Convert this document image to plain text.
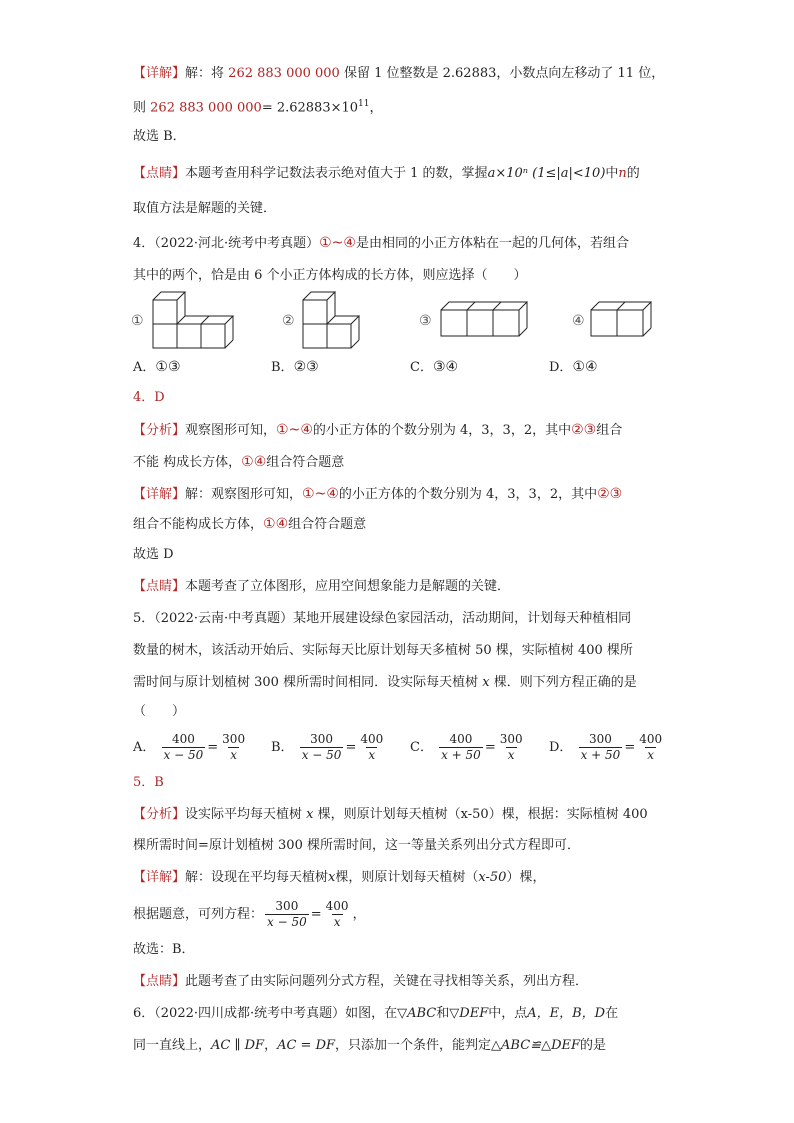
【详解】解：将 262 883 000 000 保留 1 位整数是 2.62883，小数点向左移动了 11 位，
则 262 883 000 $000= 2.62883\times 10^{11}$，
故选 B．
【点睛】本题考查用科学记数法表示绝对值大于 1 的数，掌握a×10ⁿ (1≤|a|<10)中n的
取值方法是解题的关键．
4．（2022·河北·统考中考真题）①~④是由相同的小正方体粘在一起的几何体，若组合
其中的两个，恰是由 6 个小正方体构成的长方体，则应选择（　　）
①	②	③	④
A．①③	B．②③	C．③④	D．①④
4．D
【分析】观察图形可知，①~④的小正方体的个数分别为 4，3，3，2，其中②③组合
不能 构成长方体，①④组合符合题意
【详解】解：观察图形可知，①~④的小正方体的个数分别为 4，3，3，2，其中②③
组合不能构成长方体，①④组合符合题意
故选 D
【点睛】本题考查了立体图形，应用空间想象能力是解题的关键．
5．（2022·云南·中考真题）某地开展建设绿色家园活动，活动期间，计划每天种植相同
数量的树木，该活动开始后、实际每天比原计划每天多植树 50 棵，实际植树 400 棵所
需时间与原计划植树 300 棵所需时间相同．设实际每天植树 x 棵．则下列方程正确的是
（　　）
A． $\frac{400}{x - 50} = \frac{300}{x}$ B． $\frac{300}{x - 50} = \frac{400}{x}$ C． $\frac{400}{x + 50} = \frac{300}{x}$ D． $\frac{300}{x + 50} = \frac{400}{x}$
5．B
【分析】设实际平均每天植树 x 棵，则原计划每天植树（x-50）棵，根据：实际植树 400
棵所需时间=原计划植树 300 棵所需时间，这一等量关系列出分式方程即可．
【详解】解：设现在平均每天植树x棵，则原计划每天植树（x-50）棵，
根据题意，可列方程： $\frac{300}{x - 50} = \frac{400}{x}$ ，
故选：B．
【点睛】此题考查了由实际问题列分式方程，关键在寻找相等关系，列出方程．
6．（2022·四川成都·统考中考真题）如图，在▽ABC和▽DEF中，点A，E，B，D在
同一直线上，AC ∥ DF，AC = DF，只添加一个条件，能判定△ABC≌△DEF的是
